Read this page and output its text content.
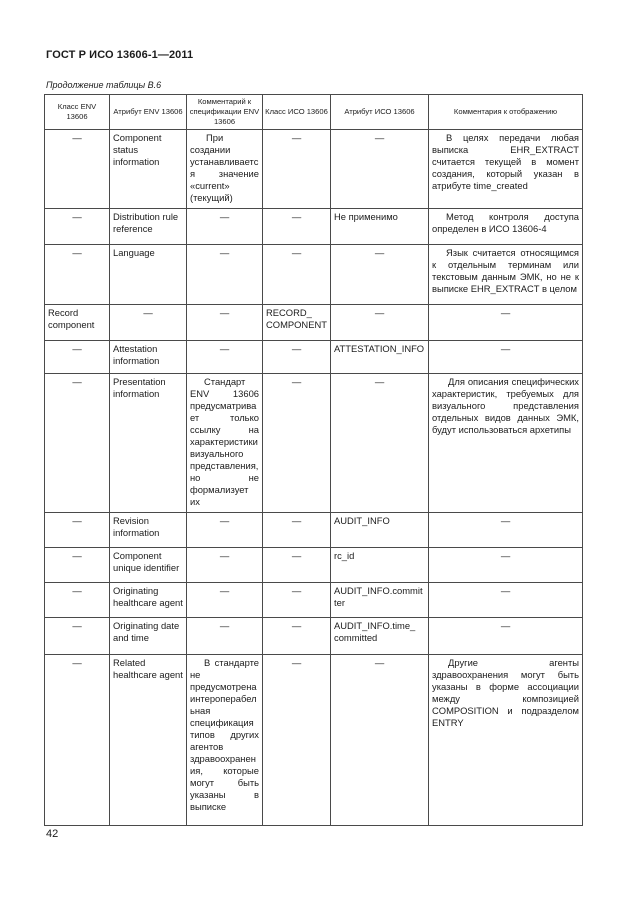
ГОСТ Р ИСО 13606-1—2011
Продолжение таблицы В.6
Класс ENV 13606	Атрибут ENV 13606	Комментарий к спецификации ENV 13606	Класс ИСО 13606	Атрибут ИСО 13606	Комментария к отображению
—	Component status information	При создании устанавливается значение «current» (текущий)	—	—	В целях передачи любая выписка EHR_EXTRACT считается текущей в момент создания, который указан в атрибуте time_created
—	Distribution rule reference	—	—	Не применимо	Метод контроля доступа определен в ИСО 13606-4
—	Language	—	—	—	Язык считается относящимся к отдельным терминам или текстовым данным ЭМК, но не к выписке EHR_EXTRACT в целом
Record component	—	—	RECORD_ COMPONENT	—	—
—	Attestation information	—	—	ATTESTATION_INFO	—
—	Presentation information	Стандарт ENV 13606 предусматривает только ссылку на характеристики визуального представления, но не формализует их	—	—	Для описания специфических характеристик, требуемых для визуального представления отдельных видов данных ЭМК, будут использоваться архетипы
—	Revision information	—	—	AUDIT_INFO	—
—	Component unique identifier	—	—	rc_id	—
—	Originating healthcare agent	—	—	AUDIT_INFO.committer	—
—	Originating date and time	—	—	AUDIT_INFO.time_ committed	—
—	Related healthcare agent	В стандарте не предусмотрена интероперабельная спецификация типов других агентов здравоохранения, которые могут быть указаны в выписке	—	—	Другие агенты здравоохранения могут быть указаны в форме ассоциации между композицией COMPOSITION и подразделом ENTRY
42
